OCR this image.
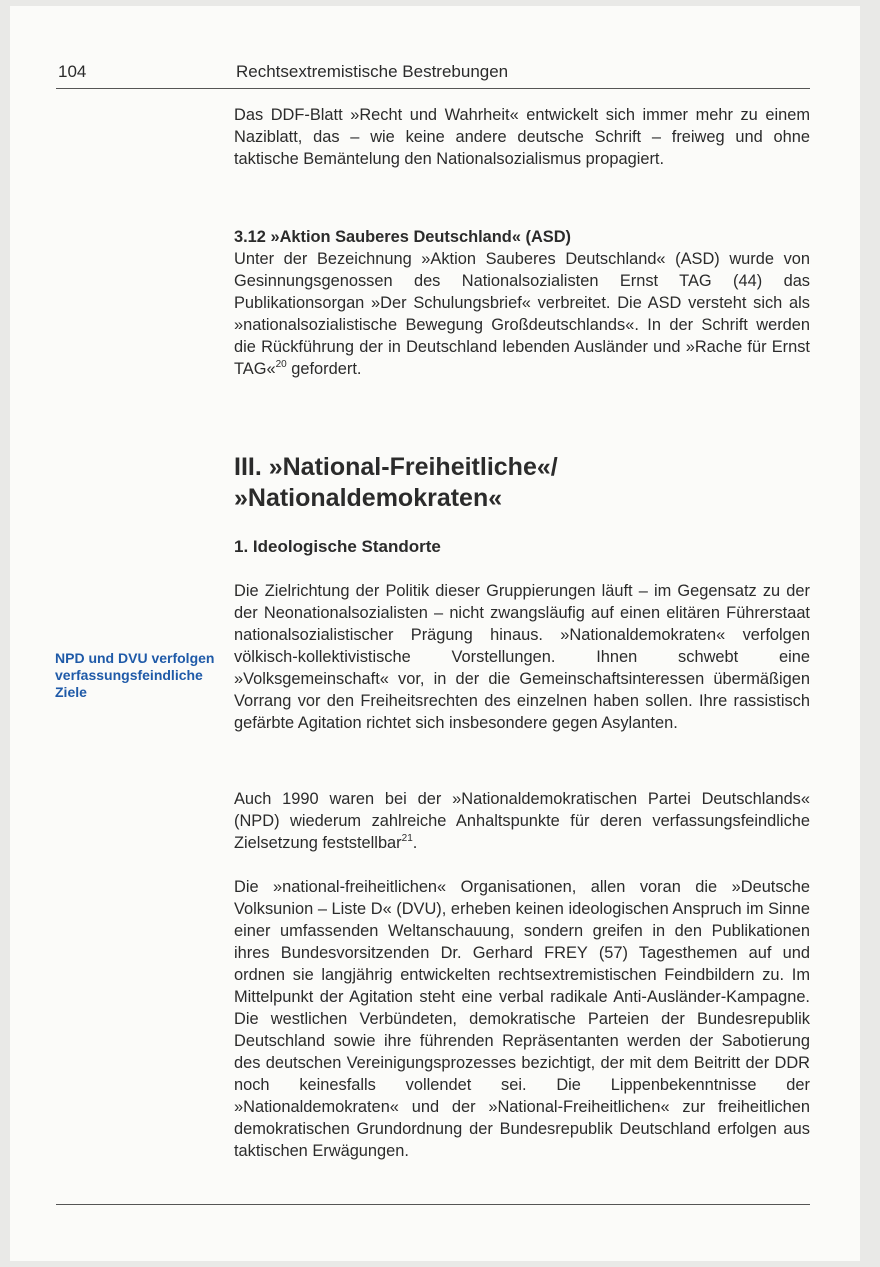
104	Rechtsextremistische Bestrebungen

Das DDF-Blatt »Recht und Wahrheit« entwickelt sich immer mehr zu einem Naziblatt, das – wie keine andere deutsche Schrift – freiweg und ohne taktische Bemäntelung den Nationalsozialismus propagiert.

3.12 »Aktion Sauberes Deutschland« (ASD)

Unter der Bezeichnung »Aktion Sauberes Deutschland« (ASD) wurde von Gesinnungsgenossen des Nationalsozialisten Ernst TAG (44) das Publikationsorgan »Der Schulungsbrief« verbreitet. Die ASD versteht sich als »nationalsozialistische Bewegung Großdeutschlands«. In der Schrift werden die Rückführung der in Deutschland lebenden Ausländer und »Rache für Ernst TAG«$^{20}$ gefordert.

III. »National-Freiheitliche«/
»Nationaldemokraten«
1. Ideologische Standorte
NPD und DVU verfolgen verfassungsfeindliche Ziele

Die Zielrichtung der Politik dieser Gruppierungen läuft – im Gegensatz zu der der Neonationalsozialisten – nicht zwangsläufig auf einen elitären Führerstaat nationalsozialistischer Prägung hinaus. »Nationaldemokraten« verfolgen völkisch-kollektivistische Vorstellungen. Ihnen schwebt eine »Volksgemeinschaft« vor, in der die Gemeinschaftsinteressen übermäßigen Vorrang vor den Freiheitsrechten des einzelnen haben sollen. Ihre rassistisch gefärbte Agitation richtet sich insbesondere gegen Asylanten.

Auch 1990 waren bei der »Nationaldemokratischen Partei Deutschlands« (NPD) wiederum zahlreiche Anhaltspunkte für deren verfassungsfeindliche Zielsetzung feststellbar$^{21}$.

Die »national-freiheitlichen« Organisationen, allen voran die »Deutsche Volksunion – Liste D« (DVU), erheben keinen ideologischen Anspruch im Sinne einer umfassenden Weltanschauung, sondern greifen in den Publikationen ihres Bundesvorsitzenden Dr. Gerhard FREY (57) Tagesthemen auf und ordnen sie langjährig entwickelten rechtsextremistischen Feindbildern zu. Im Mittelpunkt der Agitation steht eine verbal radikale Anti-Ausländer-Kampagne. Die westlichen Verbündeten, demokratische Parteien der Bundesrepublik Deutschland sowie ihre führenden Repräsentanten werden der Sabotierung des deutschen Vereinigungsprozesses bezichtigt, der mit dem Beitritt der DDR noch keinesfalls vollendet sei. Die Lippenbekenntnisse der »Nationaldemokraten« und der »National-Freiheitlichen« zur freiheitlichen demokratischen Grundordnung der Bundesrepublik Deutschland erfolgen aus taktischen Erwägungen.
